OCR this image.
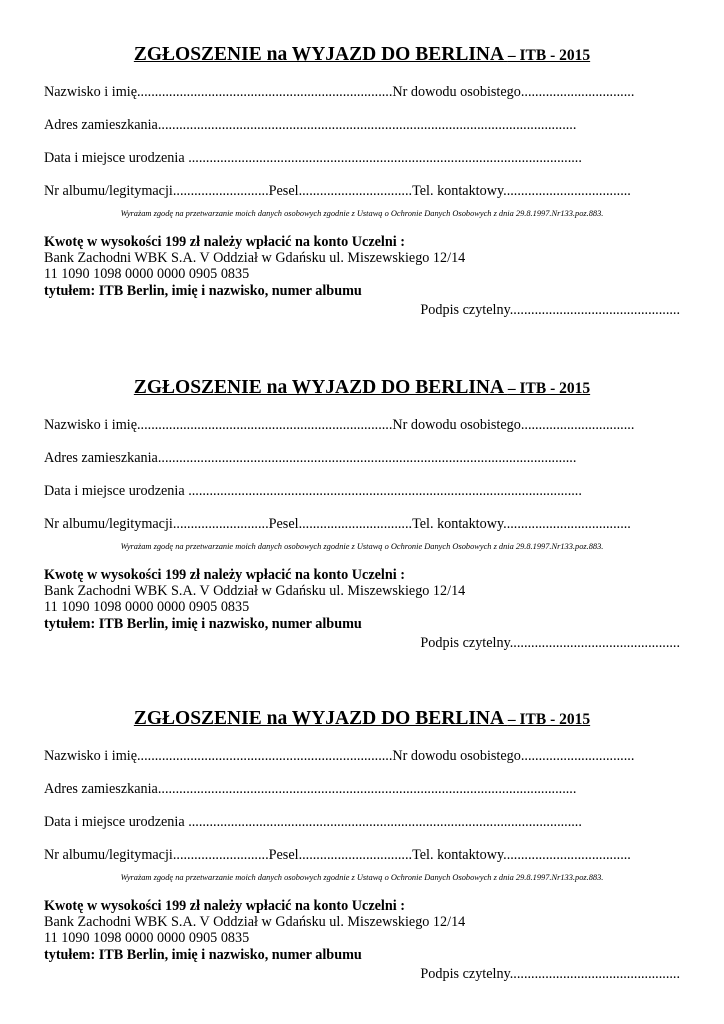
ZGŁOSZENIE na WYJAZD DO BERLINA – ITB - 2015
Nazwisko i imię........................................................................Nr dowodu osobistego................................
Adres zamieszkania......................................................................................................................
Data i miejsce urodzenia ...............................................................................................................
Nr albumu/legitymacji...........................Pesel................................Tel. kontaktowy....................................
Wyrażam zgodę na przetwarzanie moich danych osobowych zgodnie z Ustawą o Ochronie Danych Osobowych z dnia 29.8.1997.Nr133.poz.883.
Kwotę w wysokości 199 zł należy wpłacić na konto Uczelni :
Bank Zachodni WBK S.A. V Oddział w Gdańsku ul. Miszewskiego 12/14
11 1090 1098 0000 0000 0905 0835
tytułem: ITB Berlin, imię i nazwisko, numer albumu
Podpis czytelny................................................
ZGŁOSZENIE na WYJAZD DO BERLINA – ITB - 2015
Nazwisko i imię........................................................................Nr dowodu osobistego................................
Adres zamieszkania......................................................................................................................
Data i miejsce urodzenia ...............................................................................................................
Nr albumu/legitymacji...........................Pesel................................Tel. kontaktowy....................................
Wyrażam zgodę na przetwarzanie moich danych osobowych zgodnie z Ustawą o Ochronie Danych Osobowych z dnia 29.8.1997.Nr133.poz.883.
Kwotę w wysokości 199 zł należy wpłacić na konto Uczelni :
Bank Zachodni WBK S.A. V Oddział w Gdańsku ul. Miszewskiego 12/14
11 1090 1098 0000 0000 0905 0835
tytułem: ITB Berlin, imię i nazwisko, numer albumu
Podpis czytelny................................................
ZGŁOSZENIE na WYJAZD DO BERLINA – ITB - 2015
Nazwisko i imię........................................................................Nr dowodu osobistego................................
Adres zamieszkania......................................................................................................................
Data i miejsce urodzenia ...............................................................................................................
Nr albumu/legitymacji...........................Pesel................................Tel. kontaktowy....................................
Wyrażam zgodę na przetwarzanie moich danych osobowych zgodnie z Ustawą o Ochronie Danych Osobowych z dnia 29.8.1997.Nr133.poz.883.
Kwotę w wysokości 199 zł należy wpłacić na konto Uczelni :
Bank Zachodni WBK S.A. V Oddział w Gdańsku ul. Miszewskiego 12/14
11 1090 1098 0000 0000 0905 0835
tytułem: ITB Berlin, imię i nazwisko, numer albumu
Podpis czytelny................................................
